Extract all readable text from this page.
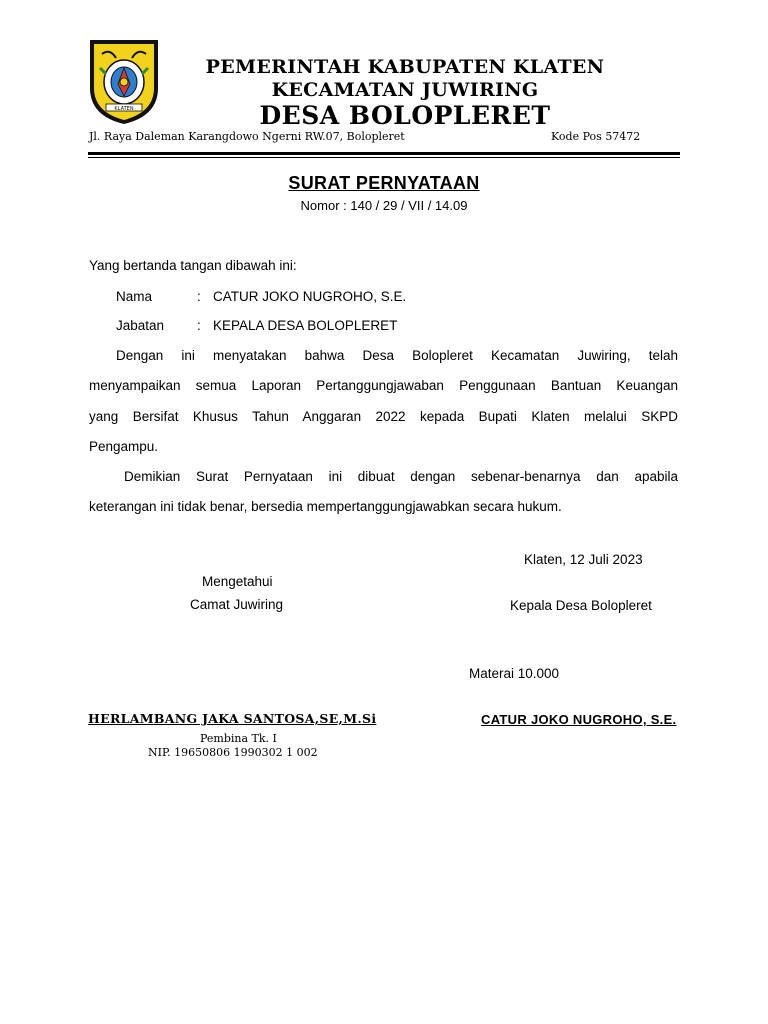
KLATEN
PEMERINTAH KABUPATEN KLATEN
KECAMATAN JUWIRING
DESA BOLOPLERET
Jl. Raya Daleman Karangdowo Ngerni RW.07, Bolopleret	Kode Pos 57472
SURAT PERNYATAAN
Nomor : 140 / 29 / VII / 14.09
Yang bertanda tangan dibawah ini:
Nama	: CATUR JOKO NUGROHO, S.E.
Jabatan : KEPALA DESA BOLOPLERET
Dengan ini menyatakan bahwa Desa Bolopleret Kecamatan Juwiring, telah
menyampaikan semua Laporan Pertanggungjawaban Penggunaan Bantuan Keuangan
yang Bersifat Khusus Tahun Anggaran 2022 kepada Bupati Klaten melalui SKPD
Pengampu.
Demikian Surat Pernyataan ini dibuat dengan sebenar-benarnya dan apabila
keterangan ini tidak benar, bersedia mempertanggungjawabkan secara hukum.
Klaten, 12 Juli 2023
Mengetahui
Camat Juwiring	Kepala Desa Bolopleret
Materai 10.000
HERLAMBANG JAKA SANTOSA,SE,M.Si	CATUR JOKO NUGROHO, S.E.
Pembina Tk. I
NIP. 19650806 1990302 1 002
